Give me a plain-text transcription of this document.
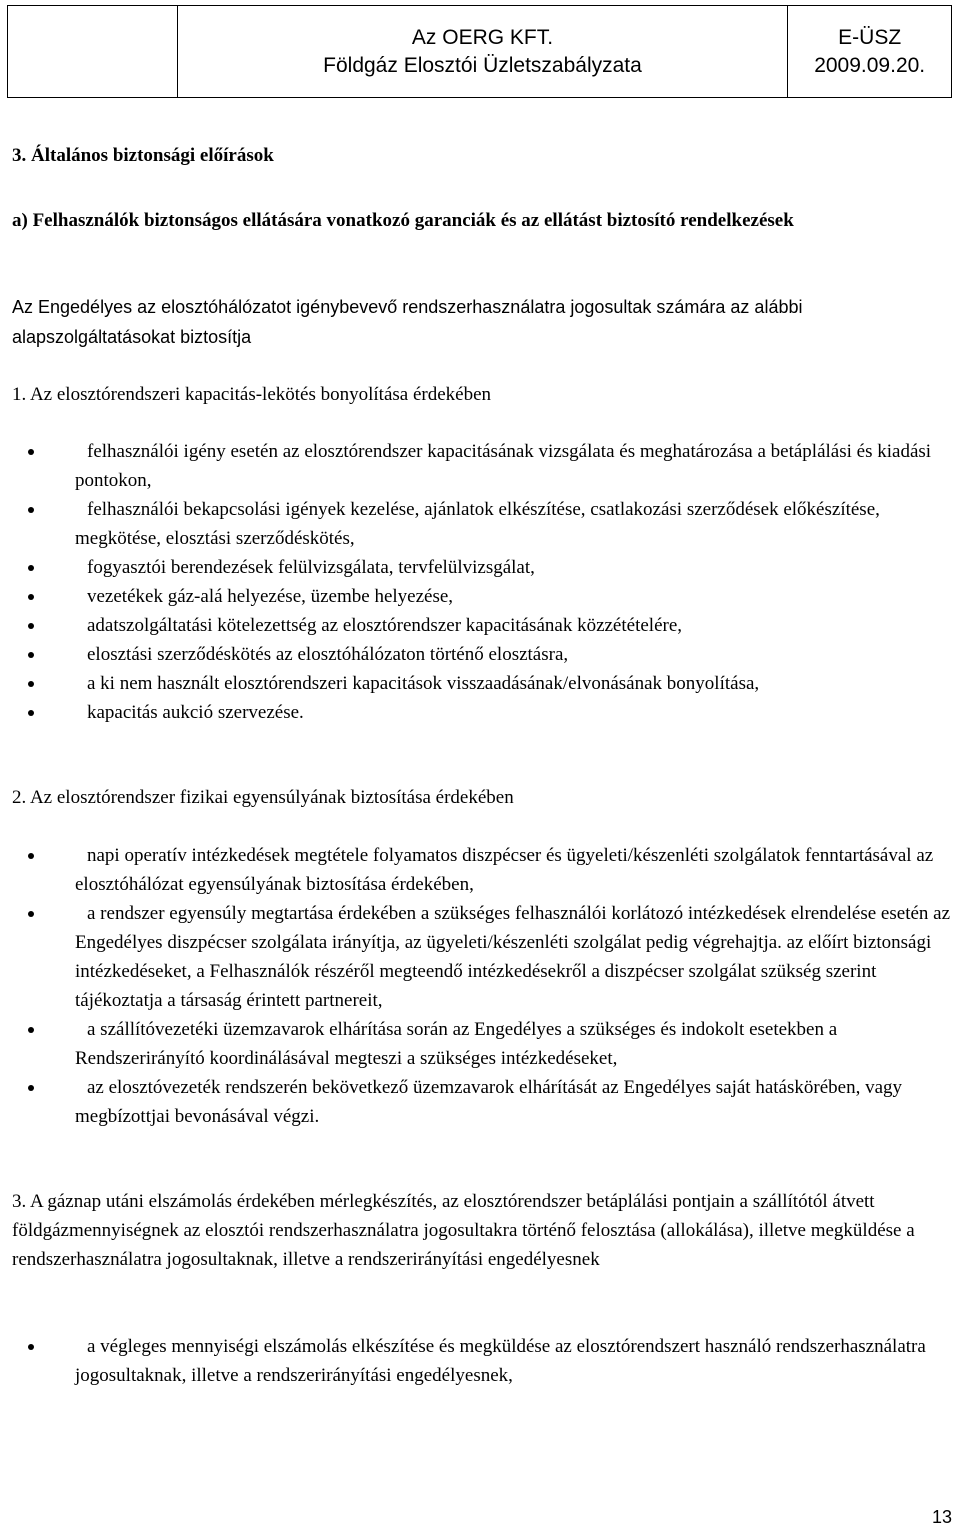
Az OERG KFT.
Földgáz Elosztói Üzletszabályzata
E-ÜSZ
2009.09.20.

3. Általános biztonsági előírások

a) Felhasználók biztonságos ellátására vonatkozó garanciák és az ellátást biztosító rendelkezések

Az Engedélyes az elosztóhálózatot igénybevevő rendszerhasználatra jogosultak számára az alábbi alapszolgáltatásokat biztosítja

1. Az elosztórendszeri kapacitás-lekötés bonyolítása érdekében

felhasználói igény esetén az elosztórendszer kapacitásának vizsgálata és meghatározása a betáplálási és kiadási pontokon,
felhasználói bekapcsolási igények kezelése, ajánlatok elkészítése, csatlakozási szerződések előkészítése, megkötése, elosztási szerződéskötés,
fogyasztói berendezések felülvizsgálata, tervfelülvizsgálat,
vezetékek gáz-alá helyezése, üzembe helyezése,
adatszolgáltatási kötelezettség az elosztórendszer kapacitásának közzétételére,
elosztási szerződéskötés az elosztóhálózaton történő elosztásra,
a ki nem használt elosztórendszeri kapacitások visszaadásának/elvonásának bonyolítása,
kapacitás aukció szervezése.

2. Az elosztórendszer fizikai egyensúlyának biztosítása érdekében

napi operatív intézkedések megtétele folyamatos diszpécser és ügyeleti/készenléti szolgálatok fenntartásával az elosztóhálózat egyensúlyának biztosítása érdekében,
a rendszer egyensúly megtartása érdekében a szükséges felhasználói korlátozó intézkedések elrendelése esetén az Engedélyes diszpécser szolgálata irányítja, az ügyeleti/készenléti szolgálat pedig végrehajtja. az előírt biztonsági intézkedéseket, a Felhasználók részéről megteendő intézkedésekről a diszpécser szolgálat szükség szerint tájékoztatja a társaság érintett partnereit,
a szállítóvezetéki üzemzavarok elhárítása során az Engedélyes a szükséges és indokolt esetekben a Rendszerirányító koordinálásával megteszi a szükséges intézkedéseket,
az elosztóvezeték rendszerén bekövetkező üzemzavarok elhárítását az Engedélyes saját hatáskörében, vagy megbízottjai bevonásával végzi.

3. A gáznap utáni elszámolás érdekében mérlegkészítés, az elosztórendszer betáplálási pontjain a szállítótól átvett földgázmennyiségnek az elosztói rendszerhasználatra jogosultakra történő felosztása (allokálása), illetve megküldése a rendszerhasználatra jogosultaknak, illetve a rendszerirányítási engedélyesnek

a végleges mennyiségi elszámolás elkészítése és megküldése az elosztórendszert használó rendszerhasználatra jogosultaknak, illetve a rendszerirányítási engedélyesnek,
13
